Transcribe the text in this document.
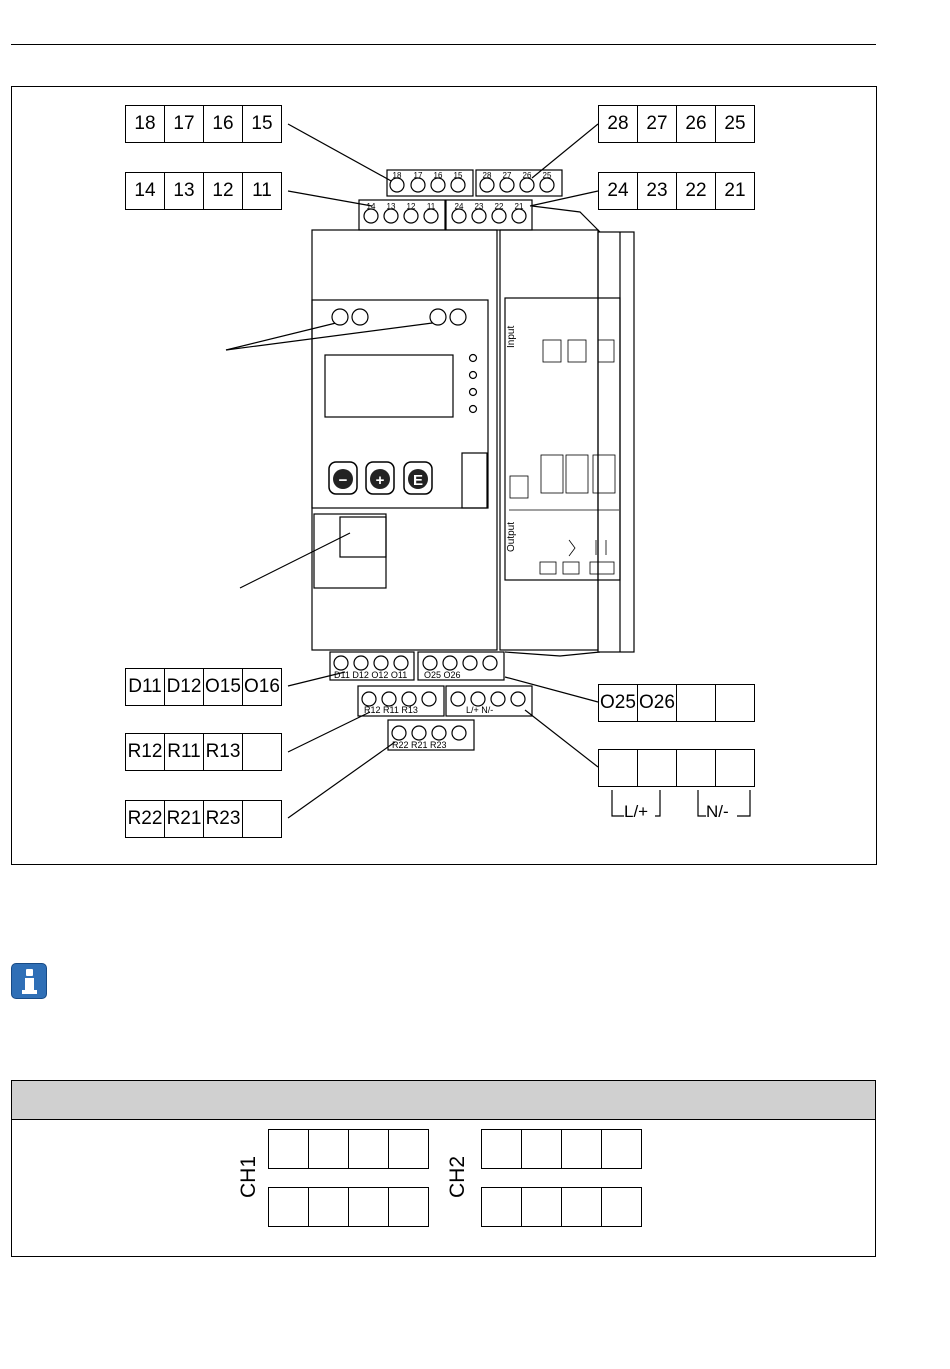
18 17 16 15
14 13 12 11
28 27 26 25
24 23 22 21
D11 D12 O15 O16
R12 R11 R13
R22 R21 R23
O25 O26
− + E
18 17 16 15	28 27 26 25
14 13 12 11 24 23 22 21
D11 D12 O12 O11 O25 O26
R12 R11 R13	L/+ N/-
R22 R21 R23
Input
Output
L/+	N/-
CH1	CH2
